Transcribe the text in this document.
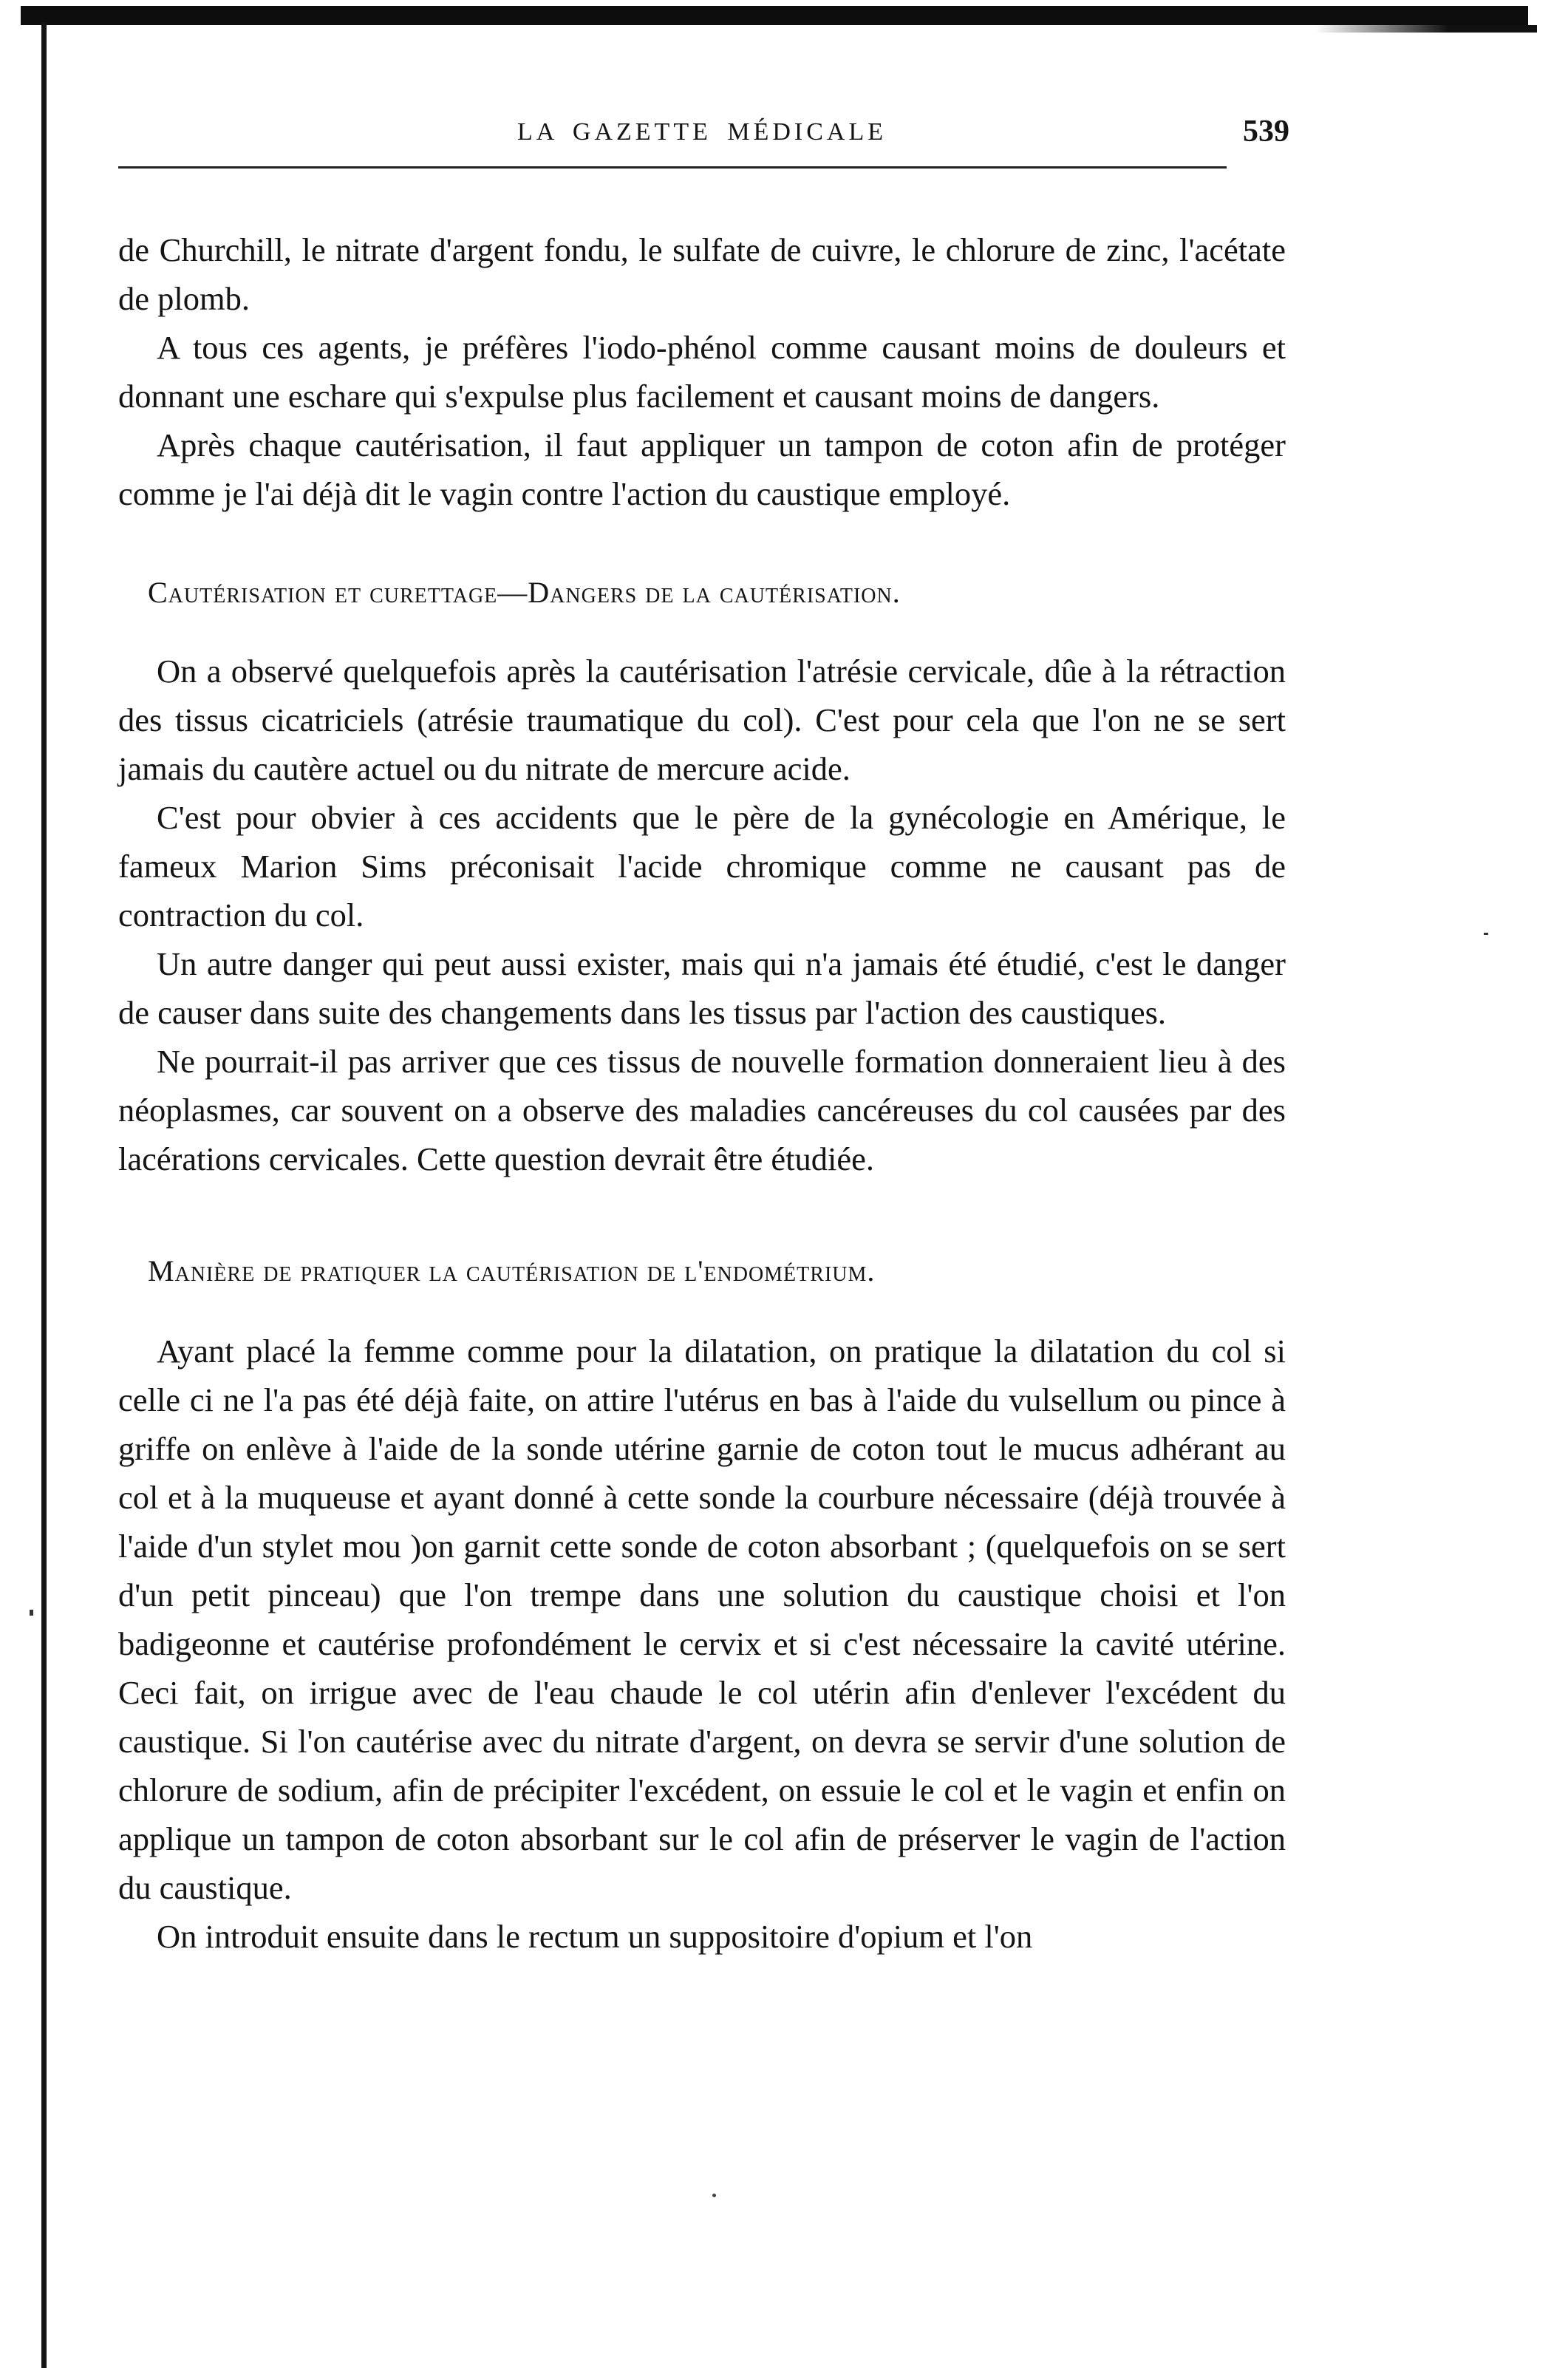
LA GAZETTE MÉDICALE	539

de Churchill, le nitrate d'argent fondu, le sulfate de cuivre, le chlorure de zinc, l'acétate de plomb.

A tous ces agents, je préfères l'iodo-phénol comme causant moins de douleurs et donnant une eschare qui s'expulse plus facilement et causant moins de dangers.

Après chaque cautérisation, il faut appliquer un tampon de coton afin de protéger comme je l'ai déjà dit le vagin contre l'action du caustique employé.

Cautérisation et curettage—Dangers de la cautérisation.

On a observé quelquefois après la cautérisation l'atrésie cervicale, dûe à la rétraction des tissus cicatriciels (atrésie traumatique du col). C'est pour cela que l'on ne se sert jamais du cautère actuel ou du nitrate de mercure acide.

C'est pour obvier à ces accidents que le père de la gynécologie en Amérique, le fameux Marion Sims préconisait l'acide chromique comme ne causant pas de contraction du col.

Un autre danger qui peut aussi exister, mais qui n'a jamais été étudié, c'est le danger de causer dans suite des changements dans les tissus par l'action des caustiques.

Ne pourrait-il pas arriver que ces tissus de nouvelle formation donneraient lieu à des néoplasmes, car souvent on a observe des maladies cancéreuses du col causées par des lacérations cervicales. Cette question devrait être étudiée.

Manière de pratiquer la cautérisation de l'endométrium.

Ayant placé la femme comme pour la dilatation, on pratique la dilatation du col si celle ci ne l'a pas été déjà faite, on attire l'utérus en bas à l'aide du vulsellum ou pince à griffe on enlève à l'aide de la sonde utérine garnie de coton tout le mucus adhérant au col et à la muqueuse et ayant donné à cette sonde la courbure nécessaire (déjà trouvée à l'aide d'un stylet mou )on garnit cette sonde de coton absorbant ; (quelquefois on se sert d'un petit pinceau) que l'on trempe dans une solution du caustique choisi et l'on badigeonne et cautérise profondément le cervix et si c'est nécessaire la cavité utérine. Ceci fait, on irrigue avec de l'eau chaude le col utérin afin d'enlever l'excédent du caustique. Si l'on cautérise avec du nitrate d'argent, on devra se servir d'une solution de chlorure de sodium, afin de précipiter l'excédent, on essuie le col et le vagin et enfin on applique un tampon de coton absorbant sur le col afin de préserver le vagin de l'action du caustique.

On introduit ensuite dans le rectum un suppositoire d'opium et l'on
